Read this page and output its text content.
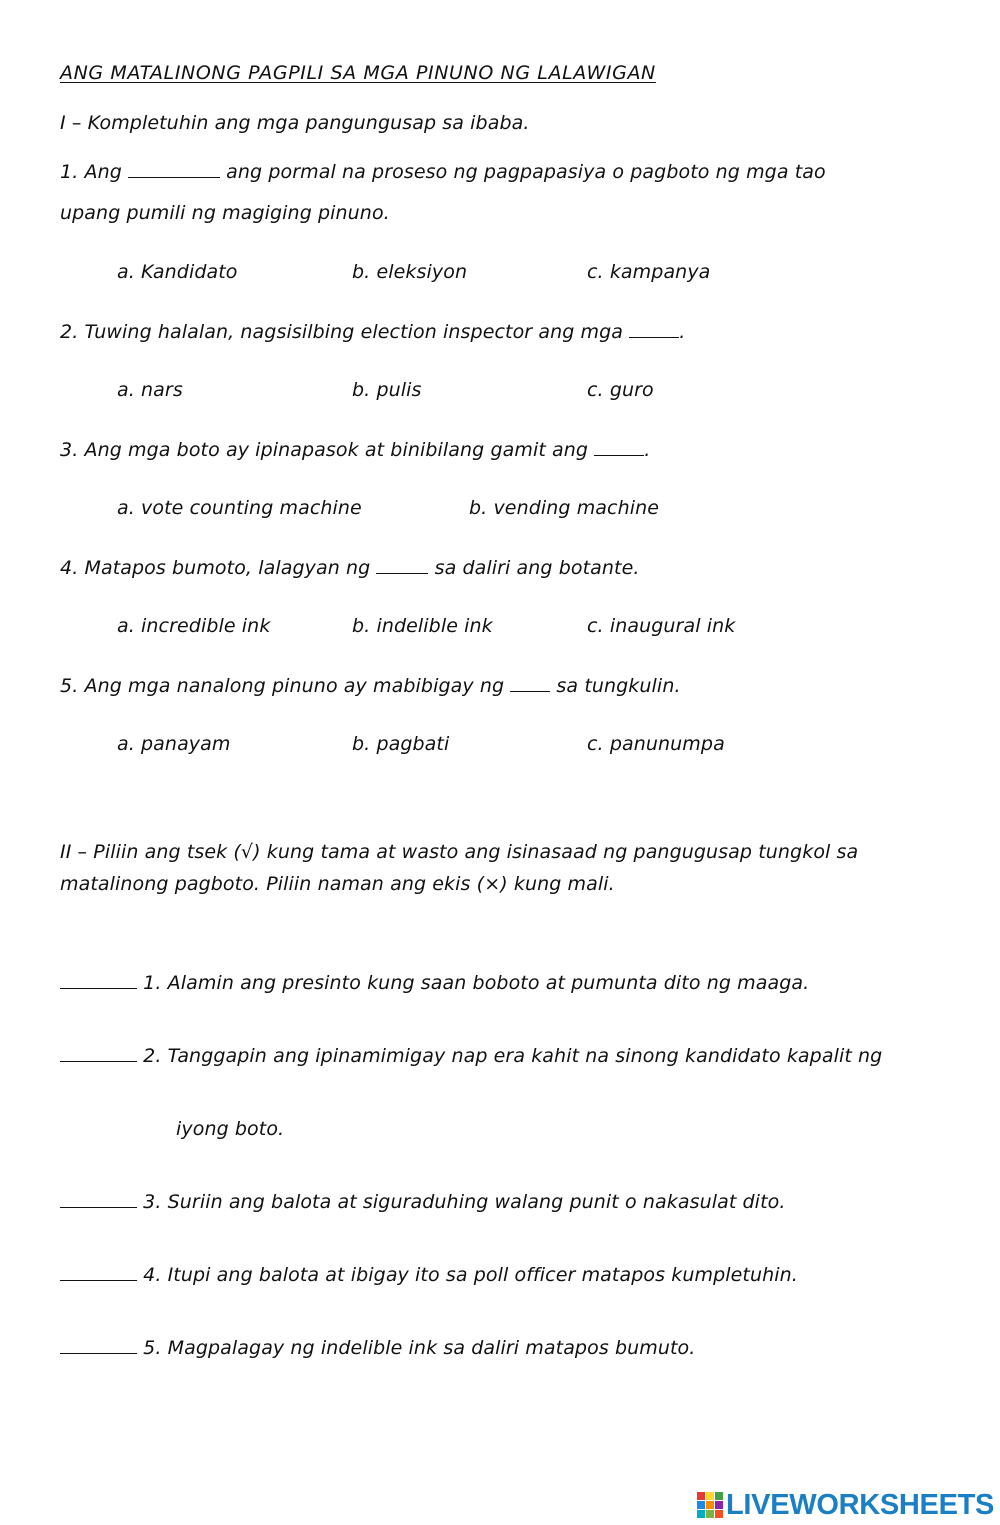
ANG MATALINONG PAGPILI SA MGA PINUNO NG LALAWIGAN
I – Kompletuhin ang mga pangungusap sa ibaba.
1. Ang	ang pormal na proseso ng pagpapasiya o pagboto ng mga tao
upang pumili ng magiging pinuno.
a. Kandidato	b. eleksiyon	c. kampanya
2. Tuwing halalan, nagsisilbing election inspector ang mga	.
a. nars	b. pulis	c. guro
3. Ang mga boto ay ipinapasok at binibilang gamit ang	.
a. vote counting machine	b. vending machine
4. Matapos bumoto, lalagyan ng	sa daliri ang botante.
a. incredible ink	b. indelible ink	c. inaugural ink
5. Ang mga nanalong pinuno ay mabibigay ng  sa tungkulin.
a. panayam	b. pagbati	c. panunumpa
II – Piliin ang tsek (√) kung tama at wasto ang isinasaad ng pangugusap tungkol sa
matalinong pagboto. Piliin naman ang ekis (×) kung mali.
1. Alamin ang presinto kung saan boboto at pumunta dito ng maaga.
2. Tanggapin ang ipinamimigay nap era kahit na sinong kandidato kapalit ng
iyong boto.
3. Suriin ang balota at siguraduhing walang punit o nakasulat dito.
4. Itupi ang balota at ibigay ito sa poll officer matapos kumpletuhin.
5. Magpalagay ng indelible ink sa daliri matapos bumuto.
LIVEWORKSHEETS
